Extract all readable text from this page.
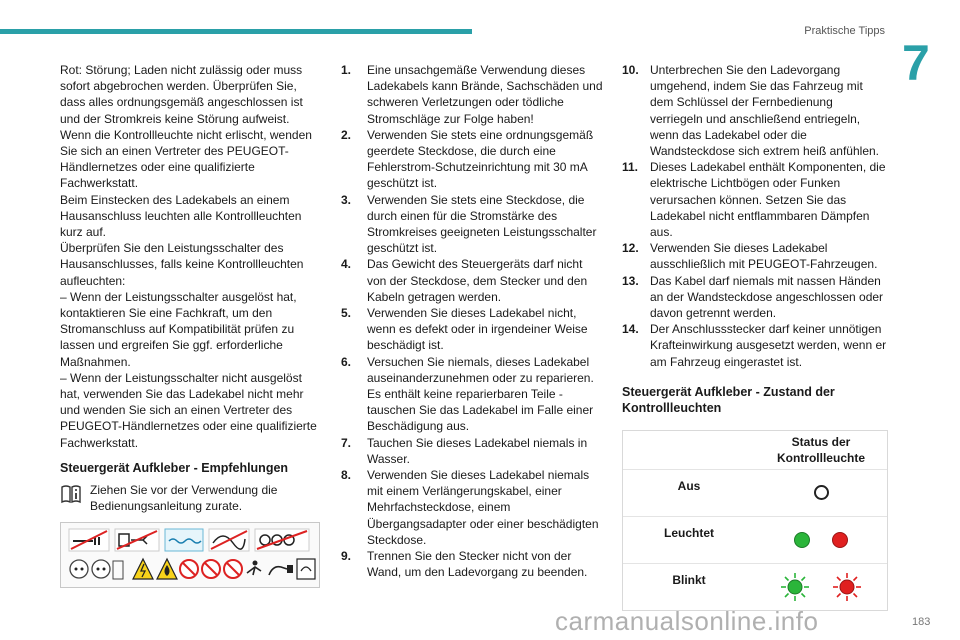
Praktische Tipps
7

Rot: Störung; Laden nicht zulässig oder muss sofort abgebrochen werden. Überprüfen Sie, dass alles ordnungsgemäß angeschlossen ist und der Stromkreis keine Störung aufweist.

Wenn die Kontrollleuchte nicht erlischt, wenden Sie sich an einen Vertreter des PEUGEOT-Händlernetzes oder eine qualifizierte Fachwerkstatt.

Beim Einstecken des Ladekabels an einem Hausanschluss leuchten alle Kontrollleuchten kurz auf.

Überprüfen Sie den Leistungsschalter des Hausanschlusses, falls keine Kontrollleuchten aufleuchten:

– Wenn der Leistungsschalter ausgelöst hat, kontaktieren Sie eine Fachkraft, um den Stromanschluss auf Kompatibilität prüfen zu lassen und ergreifen Sie ggf. erforderliche Maßnahmen.

– Wenn der Leistungsschalter nicht ausgelöst hat, verwenden Sie das Ladekabel nicht mehr und wenden Sie sich an einen Vertreter des PEUGEOT-Händlernetzes oder eine qualifizierte Fachwerkstatt.

Steuergerät Aufkleber - Empfehlungen
Ziehen Sie vor der Verwendung die Bedienungsanleitung zurate.
1.	Eine unsachgemäße Verwendung dieses Ladekabels kann Brände, Sachschäden und schweren Verletzungen oder tödliche Stromschläge zur Folge haben!
2.	Verwenden Sie stets eine ordnungsgemäß geerdete Steckdose, die durch eine Fehlerstrom-Schutzeinrichtung mit 30 mA geschützt ist.
3.	Verwenden Sie stets eine Steckdose, die durch einen für die Stromstärke des Stromkreises geeigneten Leistungsschalter geschützt ist.
4.	Das Gewicht des Steuergeräts darf nicht von der Steckdose, dem Stecker und den Kabeln getragen werden.
5.	Verwenden Sie dieses Ladekabel nicht, wenn es defekt oder in irgendeiner Weise beschädigt ist.
6.	Versuchen Sie niemals, dieses Ladekabel auseinanderzunehmen oder zu reparieren. Es enthält keine reparierbaren Teile - tauschen Sie das Ladekabel im Falle einer Beschädigung aus.
7.	Tauchen Sie dieses Ladekabel niemals in Wasser.
8.	Verwenden Sie dieses Ladekabel niemals mit einem Verlängerungskabel, einer Mehrfachsteckdose, einem Übergangsadapter oder einer beschädigten Steckdose.
9.	Trennen Sie den Stecker nicht von der Wand, um den Ladevorgang zu beenden.
10. Unterbrechen Sie den Ladevorgang umgehend, indem Sie das Fahrzeug mit dem Schlüssel der Fernbedienung verriegeln und anschließend entriegeln, wenn das Ladekabel oder die Wandsteckdose sich extrem heiß anfühlen.
11. Dieses Ladekabel enthält Komponenten, die elektrische Lichtbögen oder Funken verursachen können. Setzen Sie das Ladekabel nicht entflammbaren Dämpfen aus.
12. Verwenden Sie dieses Ladekabel ausschließlich mit PEUGEOT-Fahrzeugen.
13. Das Kabel darf niemals mit nassen Händen an der Wandsteckdose angeschlossen oder davon getrennt werden.
14. Der Anschlussstecker darf keiner unnötigen Krafteinwirkung ausgesetzt werden, wenn er am Fahrzeug eingerastet ist.
Steuergerät Aufkleber - Zustand der Kontrollleuchten
Status der
Kontrollleuchte
Aus
Leuchtet
Blinkt
carmanualsonline.info	183
